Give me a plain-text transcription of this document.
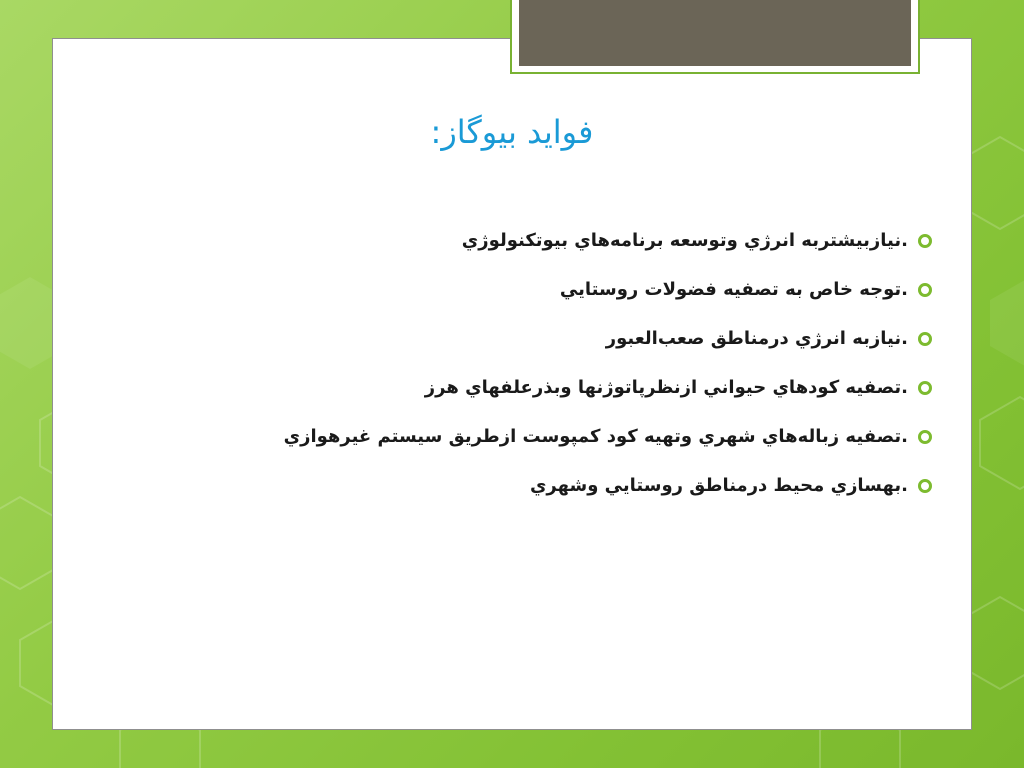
فواید بیوگاز:
نيازبيشتربه انرژي وتوسعه برنامه‌هاي بيوتکنولوژي.
توجه خاص به تصفيه فضولات روستايي.
نيازبه انرژي درمناطق صعب‌العبور.
تصفيه کودهاي حيواني ازنظرپاتوژنها وبذرعلفهاي هرز.
تصفيه زباله‌هاي شهري وتهيه کود کمپوست ازطريق سيستم غيرهوازي.
بهسازي محيط درمناطق روستايي وشهري.
